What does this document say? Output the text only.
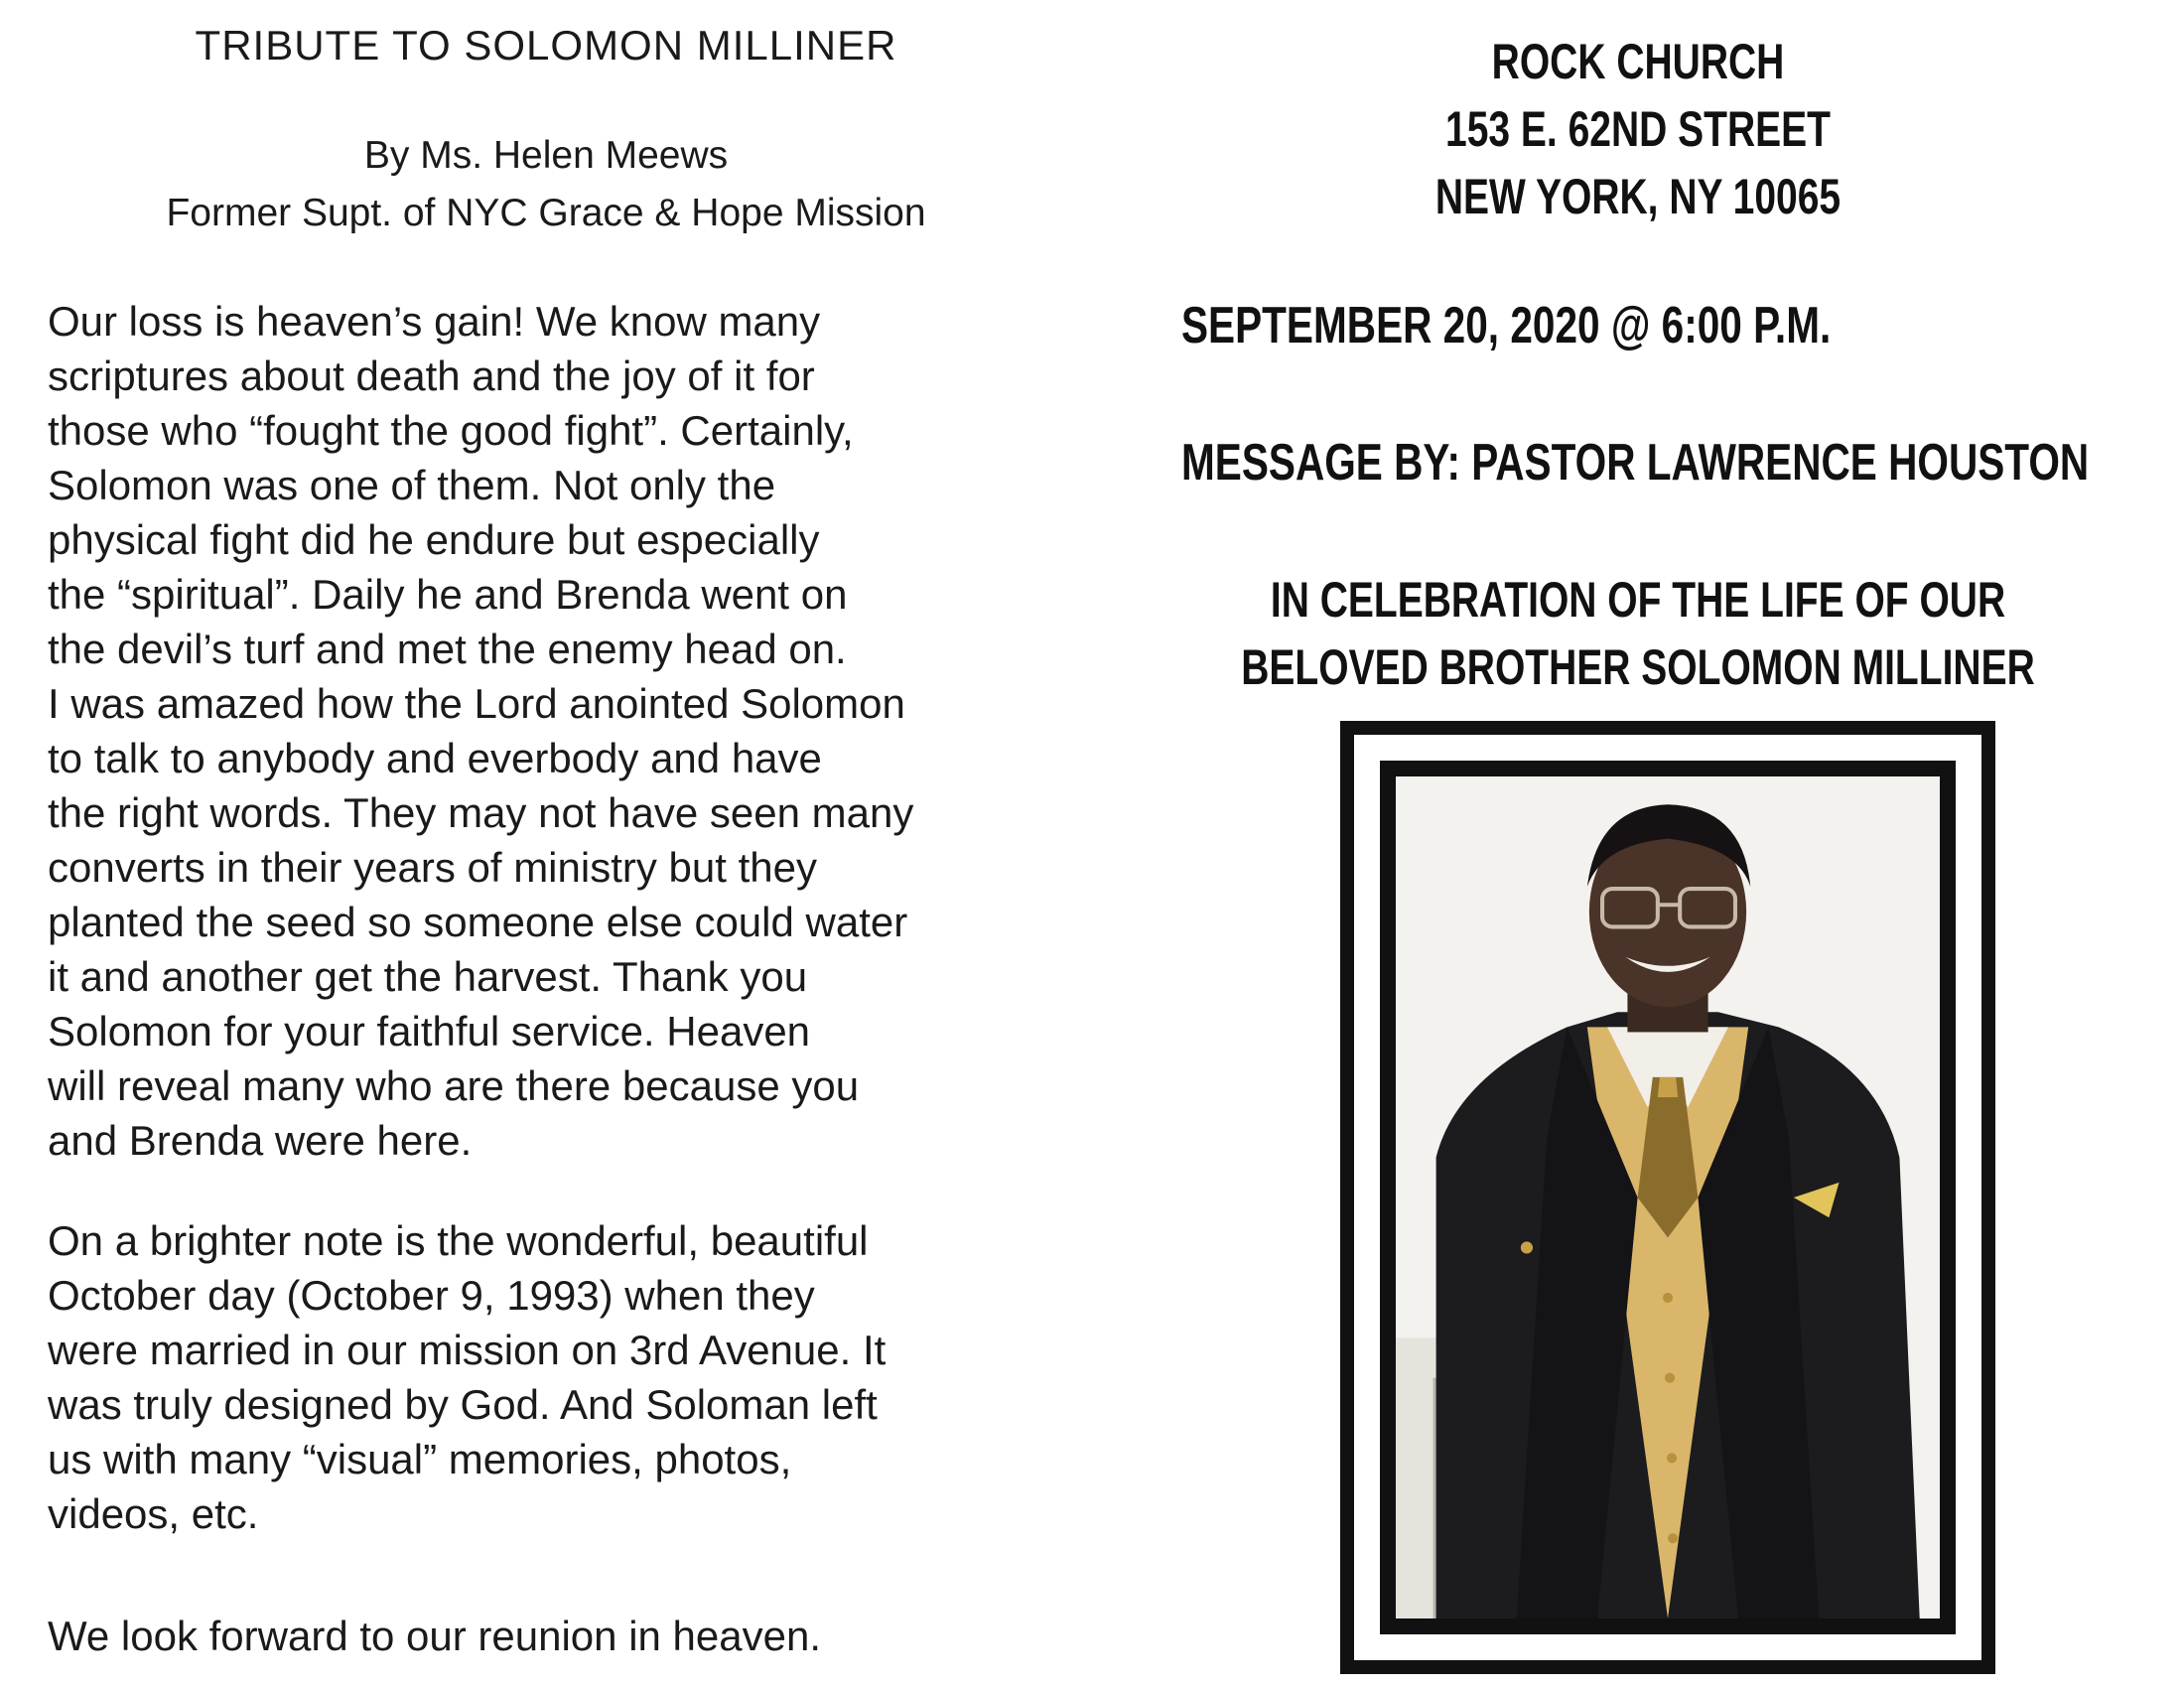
TRIBUTE TO SOLOMON MILLINER
By Ms. Helen Meews
Former Supt. of NYC Grace & Hope Mission
Our loss is heaven’s gain! We know many
scriptures about death and the joy of it for
those who “fought the good fight”. Certainly,
Solomon was one of them. Not only the
physical fight did he endure but especially
the “spiritual”. Daily he and Brenda went on
the devil’s turf and met the enemy head on.
I was amazed how the Lord anointed Solomon
to talk to anybody and everbody and have
the right words. They may not have seen many
converts in their years of ministry but they
planted the seed so someone else could water
it and another get the harvest. Thank you
Solomon for your faithful service. Heaven
will reveal many who are there because you
and Brenda were here.
On a brighter note is the wonderful, beautiful
October day (October 9, 1993) when they
were married in our mission on 3rd Avenue. It
was truly designed by God. And Soloman left
us with many “visual” memories, photos,
videos, etc.
We look forward to our reunion in heaven.
ROCK CHURCH
153 E. 62ND STREET
NEW YORK, NY 10065
SEPTEMBER 20, 2020 @ 6:00 P.M.
MESSAGE BY: PASTOR LAWRENCE HOUSTON
IN CELEBRATION OF THE LIFE OF OUR
BELOVED BROTHER SOLOMON MILLINER
